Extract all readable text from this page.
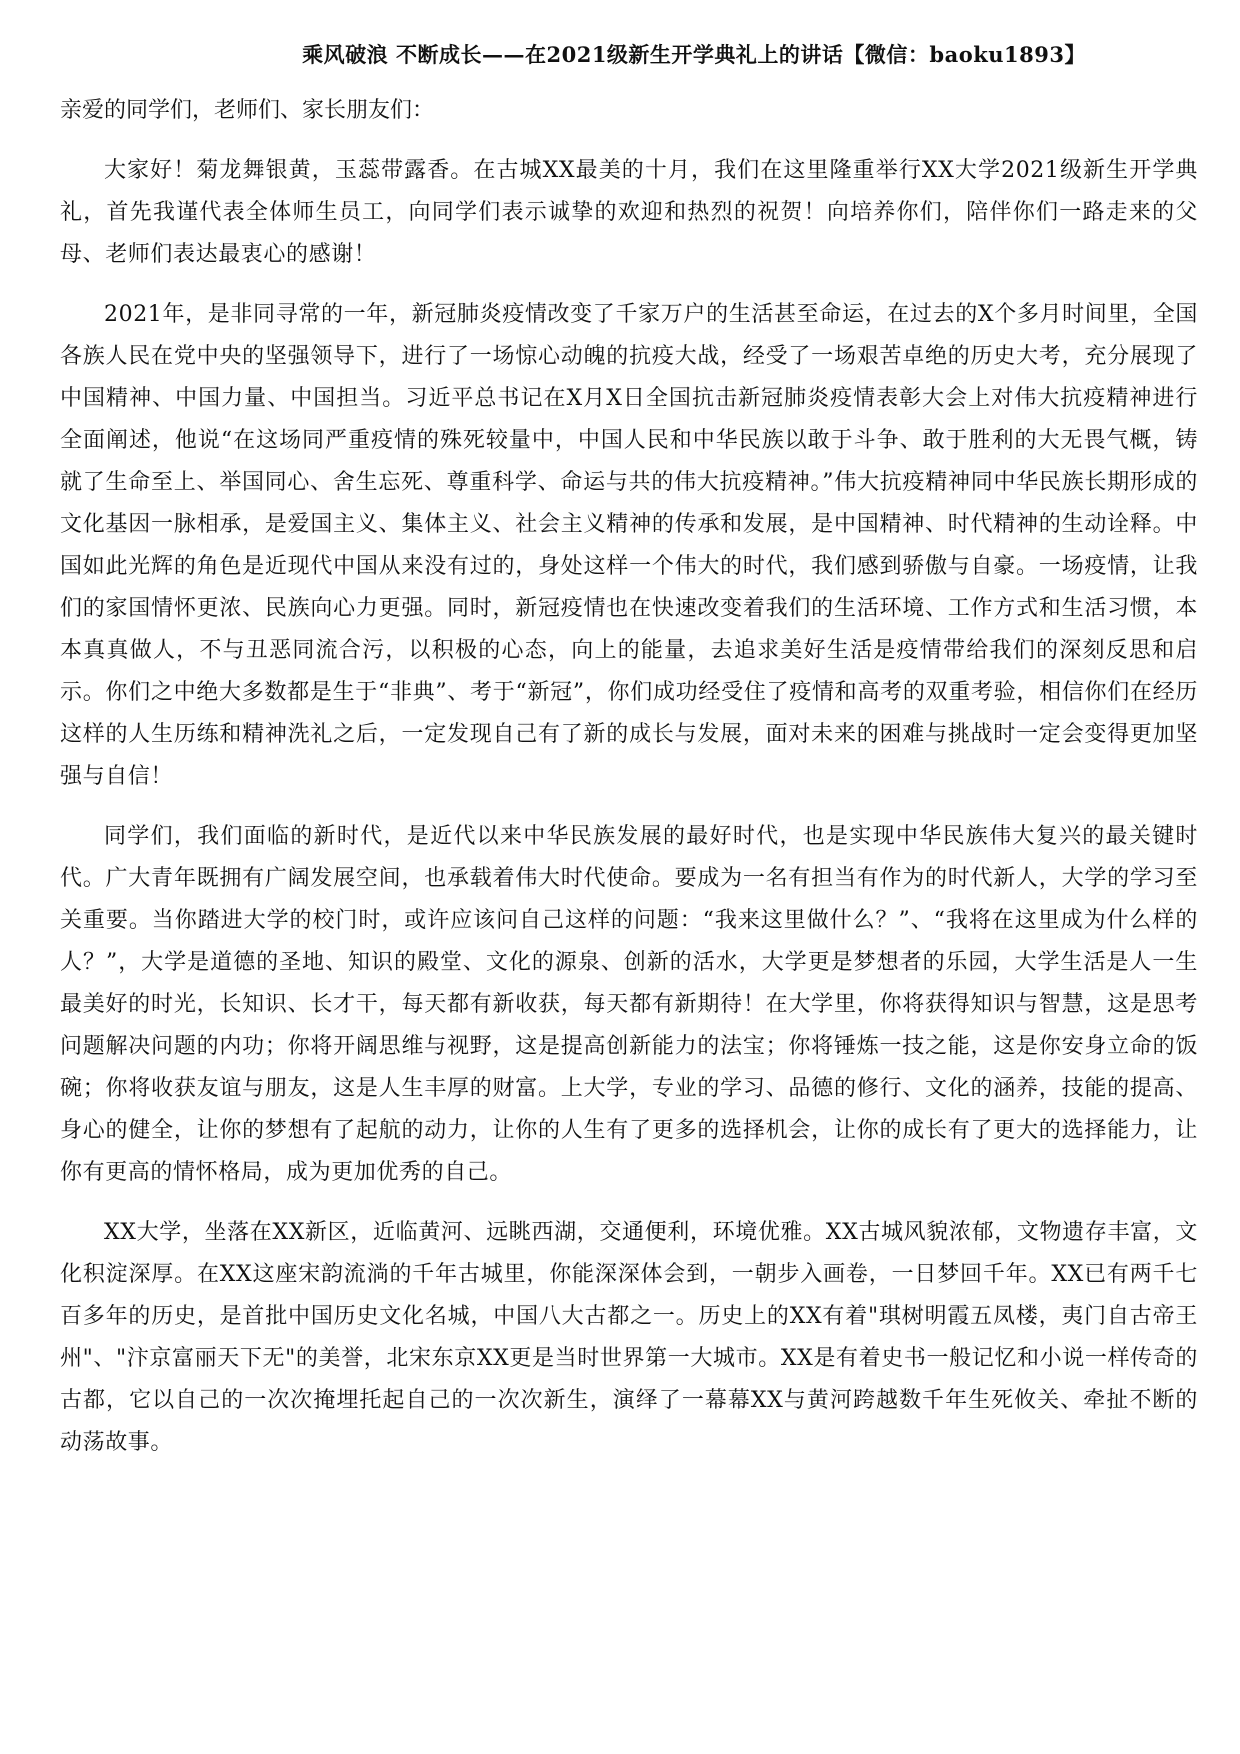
乘风破浪 不断成长——在2021级新生开学典礼上的讲话【微信：baoku1893】

亲爱的同学们，老师们、家长朋友们：

大家好！菊龙舞银黄，玉蕊带露香。在古城XX最美的十月，我们在这里隆重举行XX大学2021级新生开学典礼，首先我谨代表全体师生员工，向同学们表示诚挚的欢迎和热烈的祝贺！向培养你们，陪伴你们一路走来的父母、老师们表达最衷心的感谢！

2021年，是非同寻常的一年，新冠肺炎疫情改变了千家万户的生活甚至命运，在过去的X个多月时间里，全国各族人民在党中央的坚强领导下，进行了一场惊心动魄的抗疫大战，经受了一场艰苦卓绝的历史大考，充分展现了中国精神、中国力量、中国担当。习近平总书记在X月X日全国抗击新冠肺炎疫情表彰大会上对伟大抗疫精神进行全面阐述，他说“在这场同严重疫情的殊死较量中，中国人民和中华民族以敢于斗争、敢于胜利的大无畏气概，铸就了生命至上、举国同心、舍生忘死、尊重科学、命运与共的伟大抗疫精神。”伟大抗疫精神同中华民族长期形成的文化基因一脉相承，是爱国主义、集体主义、社会主义精神的传承和发展，是中国精神、时代精神的生动诠释。中国如此光辉的角色是近现代中国从来没有过的，身处这样一个伟大的时代，我们感到骄傲与自豪。一场疫情，让我们的家国情怀更浓、民族向心力更强。同时，新冠疫情也在快速改变着我们的生活环境、工作方式和生活习惯，本本真真做人，不与丑恶同流合污，以积极的心态，向上的能量，去追求美好生活是疫情带给我们的深刻反思和启示。你们之中绝大多数都是生于“非典”、考于“新冠”，你们成功经受住了疫情和高考的双重考验，相信你们在经历这样的人生历练和精神洗礼之后，一定发现自己有了新的成长与发展，面对未来的困难与挑战时一定会变得更加坚强与自信！

同学们，我们面临的新时代，是近代以来中华民族发展的最好时代，也是实现中华民族伟大复兴的最关键时代。广大青年既拥有广阔发展空间，也承载着伟大时代使命。要成为一名有担当有作为的时代新人，大学的学习至关重要。当你踏进大学的校门时，或许应该问自己这样的问题：“我来这里做什么？”、“我将在这里成为什么样的人？”，大学是道德的圣地、知识的殿堂、文化的源泉、创新的活水，大学更是梦想者的乐园，大学生活是人一生最美好的时光，长知识、长才干，每天都有新收获，每天都有新期待！在大学里，你将获得知识与智慧，这是思考问题解决问题的内功；你将开阔思维与视野，这是提高创新能力的法宝；你将锤炼一技之能，这是你安身立命的饭碗；你将收获友谊与朋友，这是人生丰厚的财富。上大学，专业的学习、品德的修行、文化的涵养，技能的提高、身心的健全，让你的梦想有了起航的动力，让你的人生有了更多的选择机会，让你的成长有了更大的选择能力，让你有更高的情怀格局，成为更加优秀的自己。

XX大学，坐落在XX新区，近临黄河、远眺西湖，交通便利，环境优雅。XX古城风貌浓郁，文物遗存丰富，文化积淀深厚。在XX这座宋韵流淌的千年古城里，你能深深体会到，一朝步入画卷，一日梦回千年。XX已有两千七百多年的历史，是首批中国历史文化名城，中国八大古都之一。历史上的XX有着"琪树明霞五凤楼，夷门自古帝王州"、"汴京富丽天下无"的美誉，北宋东京XX更是当时世界第一大城市。XX是有着史书一般记忆和小说一样传奇的古都，它以自己的一次次掩埋托起自己的一次次新生，演绎了一幕幕XX与黄河跨越数千年生死攸关、牵扯不断的动荡故事。
